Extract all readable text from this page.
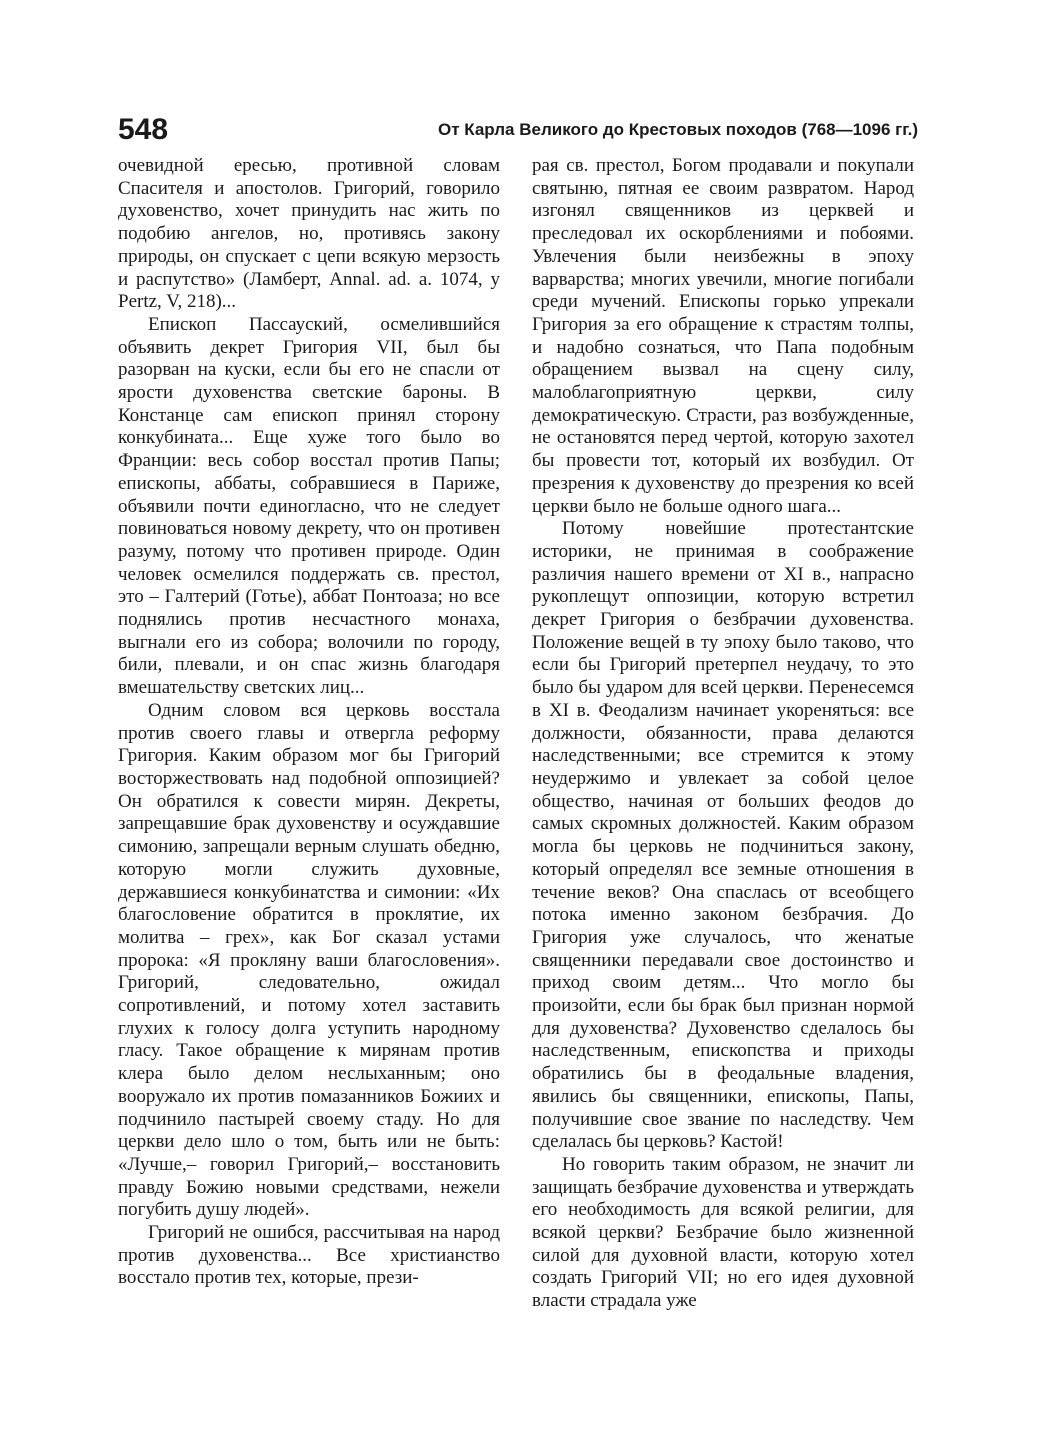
548	От Карла Великого до Крестовых походов (768—1096 гг.)

очевидной ересью, противной словам Спасителя и апостолов. Григорий, говорило духовенство, хочет принудить нас жить по подобию ангелов, но, противясь закону природы, он спускает с цепи всякую мерзость и распутство» (Ламберт, Annal. ad. a. 1074, y Pertz, V, 218)...

Епископ Пассауский, осмелившийся объявить декрет Григория VII, был бы разорван на куски, если бы его не спасли от ярости духовенства светские бароны. В Констанце сам епископ принял сторону конкубината... Еще хуже того было во Франции: весь собор восстал против Папы; епископы, аббаты, собравшиеся в Париже, объявили почти единогласно, что не следует повиноваться новому декрету, что он противен разуму, потому что противен природе. Один человек осмелился поддержать св. престол, это – Галтерий (Готье), аббат Понтоаза; но все поднялись против несчастного монаха, выгнали его из собора; волочили по городу, били, плевали, и он спас жизнь благодаря вмешательству светских лиц...

Одним словом вся церковь восстала против своего главы и отвергла реформу Григория. Каким образом мог бы Григорий восторжествовать над подобной оппозицией? Он обратился к совести мирян. Декреты, запрещавшие брак духовенству и осуждавшие симонию, запрещали верным слушать обедню, которую могли служить духовные, державшиеся конкубинатства и симонии: «Их благословение обратится в проклятие, их молитва – грех», как Бог сказал устами пророка: «Я прокляну ваши благословения». Григорий, следовательно, ожидал сопротивлений, и потому хотел заставить глухих к голосу долга уступить народному гласу. Такое обращение к мирянам против клера было делом неслыханным; оно вооружало их против помазанников Божиих и подчинило пастырей своему стаду. Но для церкви дело шло о том, быть или не быть: «Лучше,– говорил Григорий,– восстановить правду Божию новыми средствами, нежели погубить душу людей».

Григорий не ошибся, рассчитывая на народ против духовенства... Все христианство восстало против тех, которые, прези-

рая св. престол, Богом продавали и покупали святыню, пятная ее своим развратом. Народ изгонял священников из церквей и преследовал их оскорблениями и побоями. Увлечения были неизбежны в эпоху варварства; многих увечили, многие погибали среди мучений. Епископы горько упрекали Григория за его обращение к страстям толпы, и надобно сознаться, что Папа подобным обращением вызвал на сцену силу, малоблагоприятную церкви, силу демократическую. Страсти, раз возбужденные, не остановятся перед чертой, которую захотел бы провести тот, который их возбудил. От презрения к духовенству до презрения ко всей церкви было не больше одного шага...

Потому новейшие протестантские историки, не принимая в соображение различия нашего времени от XI в., напрасно рукоплещут оппозиции, которую встретил декрет Григория о безбрачии духовенства. Положение вещей в ту эпоху было таково, что если бы Григорий претерпел неудачу, то это было бы ударом для всей церкви. Перенесемся в XI в. Феодализм начинает укореняться: все должности, обязанности, права делаются наследственными; все стремится к этому неудержимо и увлекает за собой целое общество, начиная от больших феодов до самых скромных должностей. Каким образом могла бы церковь не подчиниться закону, который определял все земные отношения в течение веков? Она спаслась от всеобщего потока именно законом безбрачия. До Григория уже случалось, что женатые священники передавали свое достоинство и приход своим детям... Что могло бы произойти, если бы брак был признан нормой для духовенства? Духовенство сделалось бы наследственным, епископства и приходы обратились бы в феодальные владения, явились бы священники, епископы, Папы, получившие свое звание по наследству. Чем сделалась бы церковь? Кастой!

Но говорить таким образом, не значит ли защищать безбрачие духовенства и утверждать его необходимость для всякой религии, для всякой церкви? Безбрачие было жизненной силой для духовной власти, которую хотел создать Григорий VII; но его идея духовной власти страдала уже
